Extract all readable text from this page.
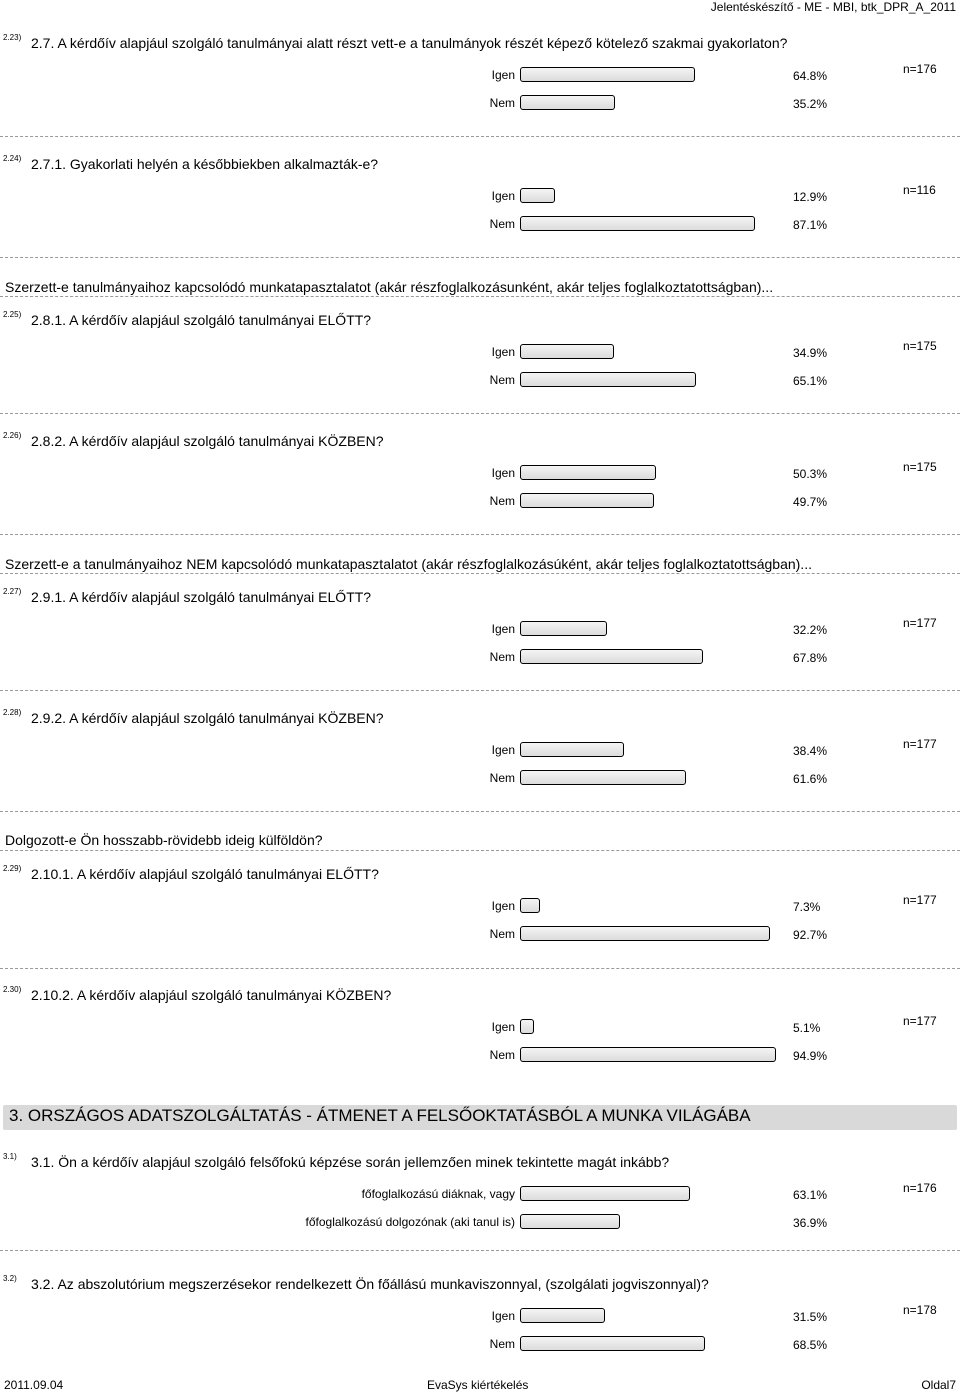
Jelentéskészítő - ME - MBI, btk_DPR_A_2011
Szerzett-e tanulmányaihoz kapcsolódó munkatapasztalatot (akár részfoglalkozásunként, akár teljes foglalkoztatottságban)...
Szerzett-e a tanulmányaihoz NEM kapcsolódó munkatapasztalatot (akár részfoglalkozásúként, akár teljes foglalkoztatottságban)...
Dolgozott-e Ön hosszabb-rövidebb ideig külföldön?
3. ORSZÁGOS ADATSZOLGÁLTATÁS - ÁTMENET A FELSŐOKTATÁSBÓL A MUNKA VILÁGÁBA
2.23) 2.7. A kérdőív alapjául szolgáló tanulmányai alatt részt vett-e a tanulmányok részét képező kötelező szakmai gyakorlaton?
n=176
Igen	64.8%
Nem	35.2%
2.24) 2.7.1. Gyakorlati helyén a későbbiekben alkalmazták-e?
n=116
Igen	12.9%
Nem	87.1%
2.25) 2.8.1. A kérdőív alapjául szolgáló tanulmányai ELŐTT?
n=175
Igen	34.9%
Nem	65.1%
2.26) 2.8.2. A kérdőív alapjául szolgáló tanulmányai KÖZBEN?
n=175
Igen	50.3%
Nem	49.7%
2.27) 2.9.1. A kérdőív alapjául szolgáló tanulmányai ELŐTT?
n=177
Igen	32.2%
Nem	67.8%
2.28) 2.9.2. A kérdőív alapjául szolgáló tanulmányai KÖZBEN?
n=177
Igen	38.4%
Nem	61.6%
2.29) 2.10.1. A kérdőív alapjául szolgáló tanulmányai ELŐTT?
n=177
Igen	7.3%
Nem	92.7%
2.30) 2.10.2. A kérdőív alapjául szolgáló tanulmányai KÖZBEN?
n=177
Igen	5.1%
Nem	94.9%
3.1) 3.1. Ön a kérdőív alapjául szolgáló felsőfokú képzése során jellemzően minek tekintette magát inkább?
n=176
főfoglalkozású diáknak, vagy	63.1%
főfoglalkozású dolgozónak (aki tanul is)	36.9%
3.2) 3.2. Az abszolutórium megszerzésekor rendelkezett Ön főállású munkaviszonnyal, (szolgálati jogviszonnyal)?
n=178
Igen	31.5%
Nem	68.5%
2011.09.04	EvaSys kiértékelés	Oldal7
